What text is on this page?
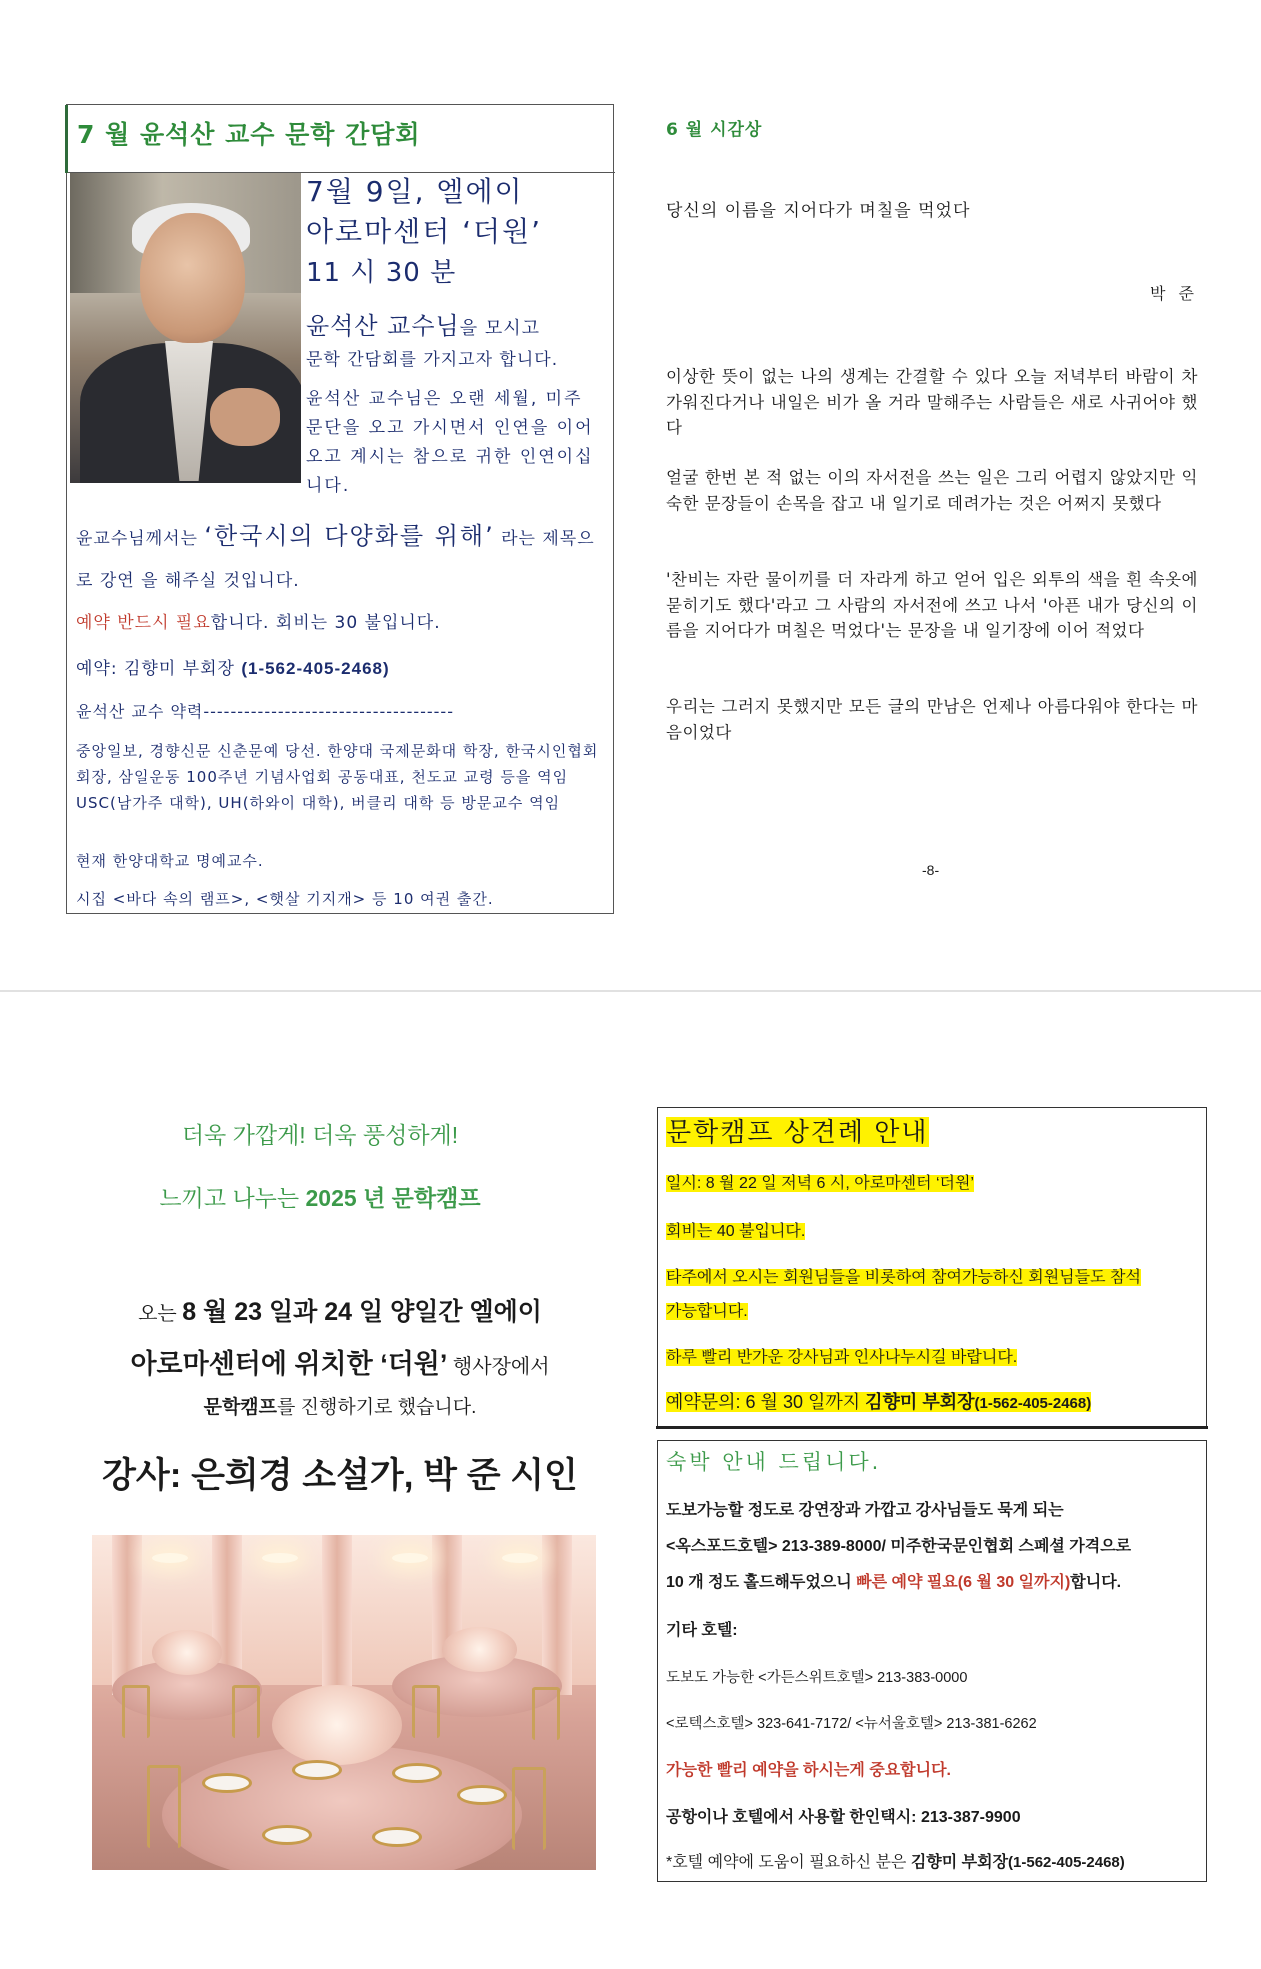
7 월 윤석산 교수 문학 간담회
7월 9일, 엘에이
아로마센터 ‘더원’
11 시 30 분
윤석산 교수님을 모시고
문학 간담회를 가지고자 합니다.
윤석산 교수님은 오랜 세월, 미주 문단을 오고 가시면서 인연을 이어오고 계시는 참으로 귀한 인연이십니다.
윤교수님께서는 ‘한국시의 다양화를 위해’ 라는 제목으로 강연 을 해주실 것입니다.
예약 반드시 필요합니다. 회비는 30 불입니다.
예약: 김향미 부회장 (1-562-405-2468)
윤석산 교수 약력-------------------------------------
중앙일보, 경향신문 신춘문예 당선. 한양대 국제문화대 학장, 한국시인협회 회장, 삼일운동 100주년 기념사업회 공동대표, 천도교 교령 등을 역임 USC(남가주 대학), UH(하와이 대학), 버클리 대학 등 방문교수 역임
현재 한양대학교 명예교수.
시집 <바다 속의 램프>, <햇살 기지개> 등 10 여권 출간.
6 월 시감상
당신의 이름을 지어다가 며칠을 먹었다
박 준
이상한 뜻이 없는 나의 생계는 간결할 수 있다 오늘 저녁부터 바람이 차가워진다거나 내일은 비가 올 거라 말해주는 사람들은 새로 사귀어야 했다
얼굴 한번 본 적 없는 이의 자서전을 쓰는 일은 그리 어렵지 않았지만 익숙한 문장들이 손목을 잡고 내 일기로 데려가는 것은 어쩌지 못했다
'찬비는 자란 물이끼를 더 자라게 하고 얻어 입은 외투의 색을 흰 속옷에 묻히기도 했다'라고 그 사람의 자서전에 쓰고 나서 '아픈 내가 당신의 이름을 지어다가 며칠은 먹었다'는 문장을 내 일기장에 이어 적었다
우리는 그러지 못했지만 모든 글의 만남은 언제나 아름다워야 한다는 마음이었다
-8-
더욱 가깝게! 더욱 풍성하게!
느끼고 나누는 2025 년 문학캠프
오는 8 월 23 일과 24 일 양일간 엘에이
아로마센터에 위치한 ‘더원’ 행사장에서
문학캠프를 진행하기로 했습니다.
강사: 은희경 소설가, 박 준 시인
문학캠프 상견례 안내
일시: 8 월 22 일 저녁 6 시, 아로마센터 ‘더원’
회비는 40 불입니다.
타주에서 오시는 회원님들을 비롯하여 참여가능하신 회원님들도 참석
가능합니다.
하루 빨리 반가운 강사님과 인사나누시길 바랍니다.
예약문의: 6 월 30 일까지 김향미 부회장(1-562-405-2468)
숙박 안내 드립니다.
도보가능할 정도로 강연장과 가깝고 강사님들도 묵게 되는
<옥스포드호텔> 213-389-8000/ 미주한국문인협회 스페셜 가격으로
10 개 정도 홀드해두었으니 빠른 예약 필요(6 월 30 일까지)합니다.
기타 호텔:
도보도 가능한 <가든스위트호텔> 213-383-0000
<로텍스호텔> 323-641-7172/ <뉴서울호텔> 213-381-6262
가능한 빨리 예약을 하시는게 중요합니다.
공항이나 호텔에서 사용할 한인택시: 213-387-9900
*호텔 예약에 도움이 필요하신 분은 김향미 부회장(1-562-405-2468)
